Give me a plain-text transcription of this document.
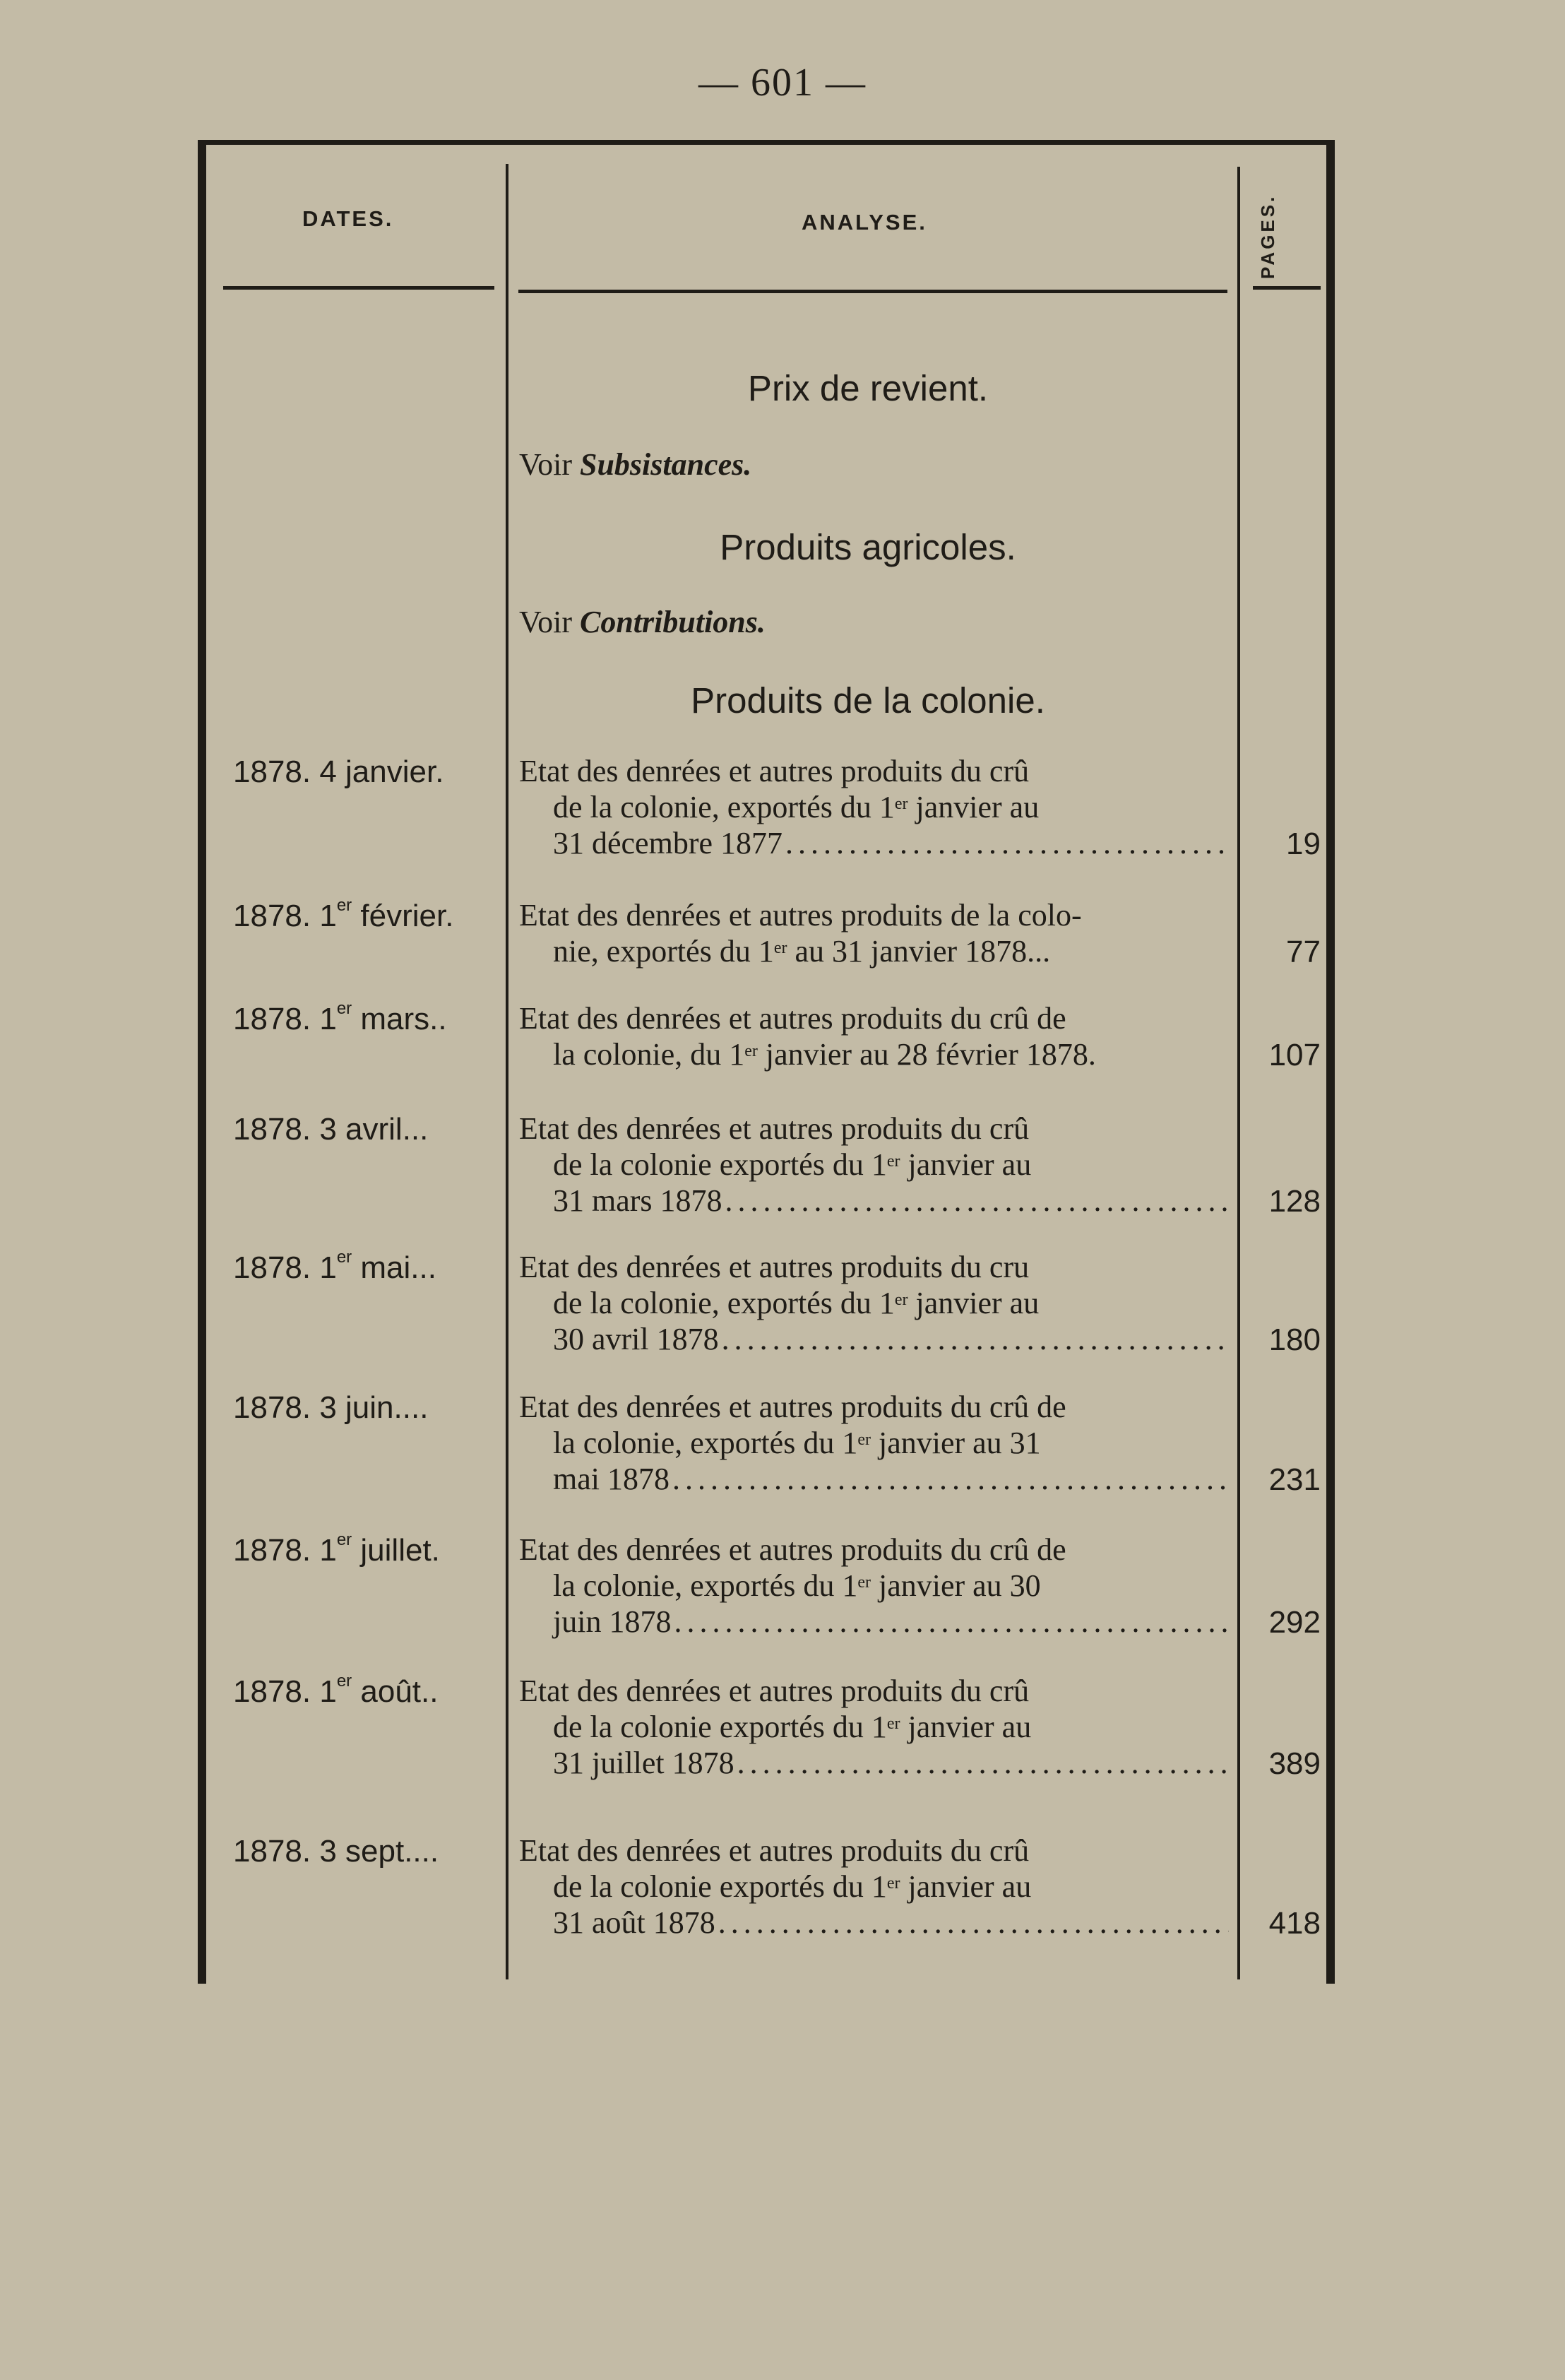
— 601 —
DATES.	ANALYSE.	PAGES.
Prix de revient.
Voir Subsistances.
Produits agricoles.
Voir Contributions.
Produits de la colonie.
1878. 4 janvier.	Etat des denrées et autres produits du crû
de la colonie, exportés du 1er janvier au
31 décembre 1877 . . .	19
1878. 1er février.	Etat des denrées et autres produits de la colo-
nie, exportés du 1er au 31 janvier 1878...	77
1878. 1er mars..	Etat des denrées et autres produits du crû de
la colonie, du 1er janvier au 28 février 1878.	107
1878. 3 avril...	Etat des denrées et autres produits du crû
de la colonie exportés du 1er janvier au
31 mars 1878 . . .	128
1878. 1er mai...	Etat des denrées et autres produits du cru
de la colonie, exportés du 1er janvier au
30 avril 1878 . . .	180
1878. 3 juin....	Etat des denrées et autres produits du crû de
la colonie, exportés du 1er janvier au 31
mai 1878 . . .	231
1878. 1er juillet.	Etat des denrées et autres produits du crû de
la colonie, exportés du 1er janvier au 30
juin 1878 . . .	292
1878. 1er août..	Etat des denrées et autres produits du crû
de la colonie exportés du 1er janvier au
31 juillet 1878 . . .	389
1878. 3 sept....	Etat des denrées et autres produits du crû
de la colonie exportés du 1er janvier au
31 août 1878 . . .	418
